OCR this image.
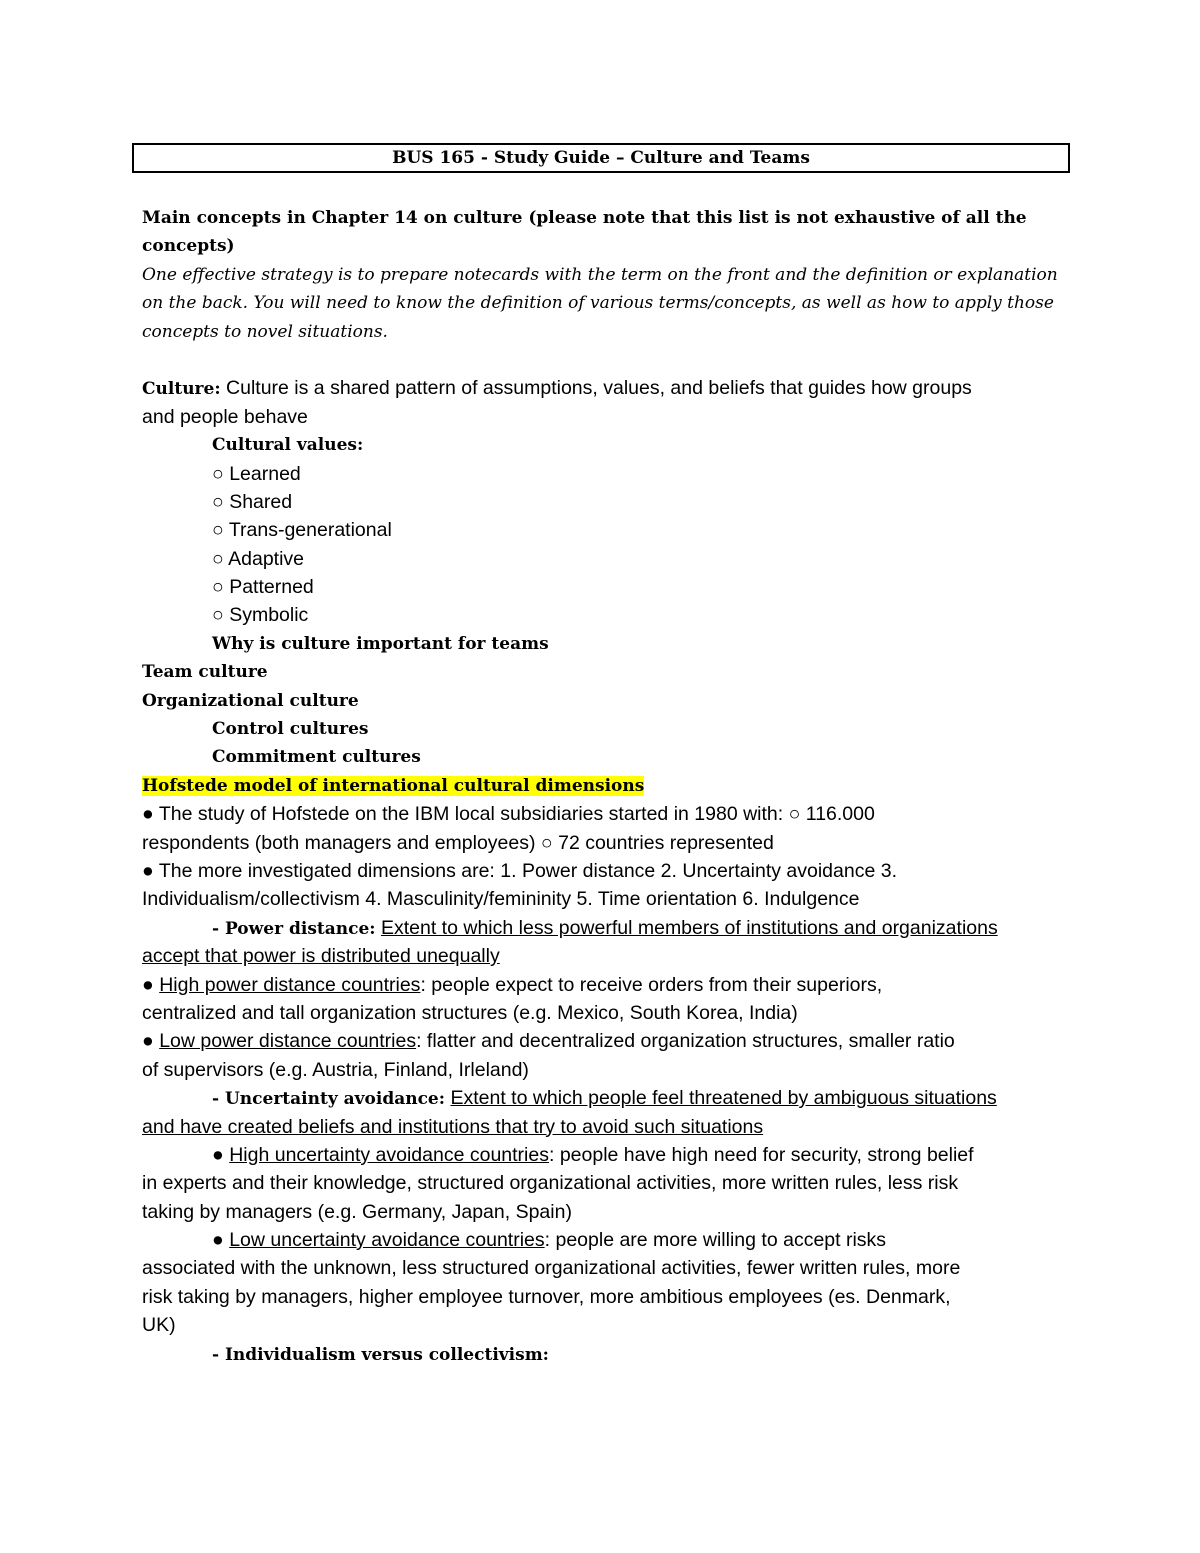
BUS 165 - Study Guide – Culture and Teams
Main concepts in Chapter 14 on culture (please note that this list is not exhaustive of all the
concepts)
One effective strategy is to prepare notecards with the term on the front and the definition or explanation
on the back. You will need to know the definition of various terms/concepts, as well as how to apply those
concepts to novel situations.
Culture: Culture is a shared pattern of assumptions, values, and beliefs that guides how groups
and people behave
Cultural values:
○ Learned
○ Shared
○ Trans-generational
○ Adaptive
○ Patterned
○ Symbolic
Why is culture important for teams
Team culture
Organizational culture
Control cultures
Commitment cultures
Hofstede model of international cultural dimensions
● The study of Hofstede on the IBM local subsidiaries started in 1980 with: ○ 116.000
respondents (both managers and employees) ○ 72 countries represented
● The more investigated dimensions are: 1. Power distance 2. Uncertainty avoidance 3.
Individualism/collectivism 4. Masculinity/femininity 5. Time orientation 6. Indulgence
- Power distance: Extent to which less powerful members of institutions and organizations
accept that power is distributed unequally
● High power distance countries: people expect to receive orders from their superiors,
centralized and tall organization structures (e.g. Mexico, South Korea, India)
● Low power distance countries: flatter and decentralized organization structures, smaller ratio
of supervisors (e.g. Austria, Finland, Irleland)
- Uncertainty avoidance: Extent to which people feel threatened by ambiguous situations
and have created beliefs and institutions that try to avoid such situations
● High uncertainty avoidance countries: people have high need for security, strong belief
in experts and their knowledge, structured organizational activities, more written rules, less risk
taking by managers (e.g. Germany, Japan, Spain)
● Low uncertainty avoidance countries: people are more willing to accept risks
associated with the unknown, less structured organizational activities, fewer written rules, more
risk taking by managers, higher employee turnover, more ambitious employees (es. Denmark,
UK)
- Individualism versus collectivism:
